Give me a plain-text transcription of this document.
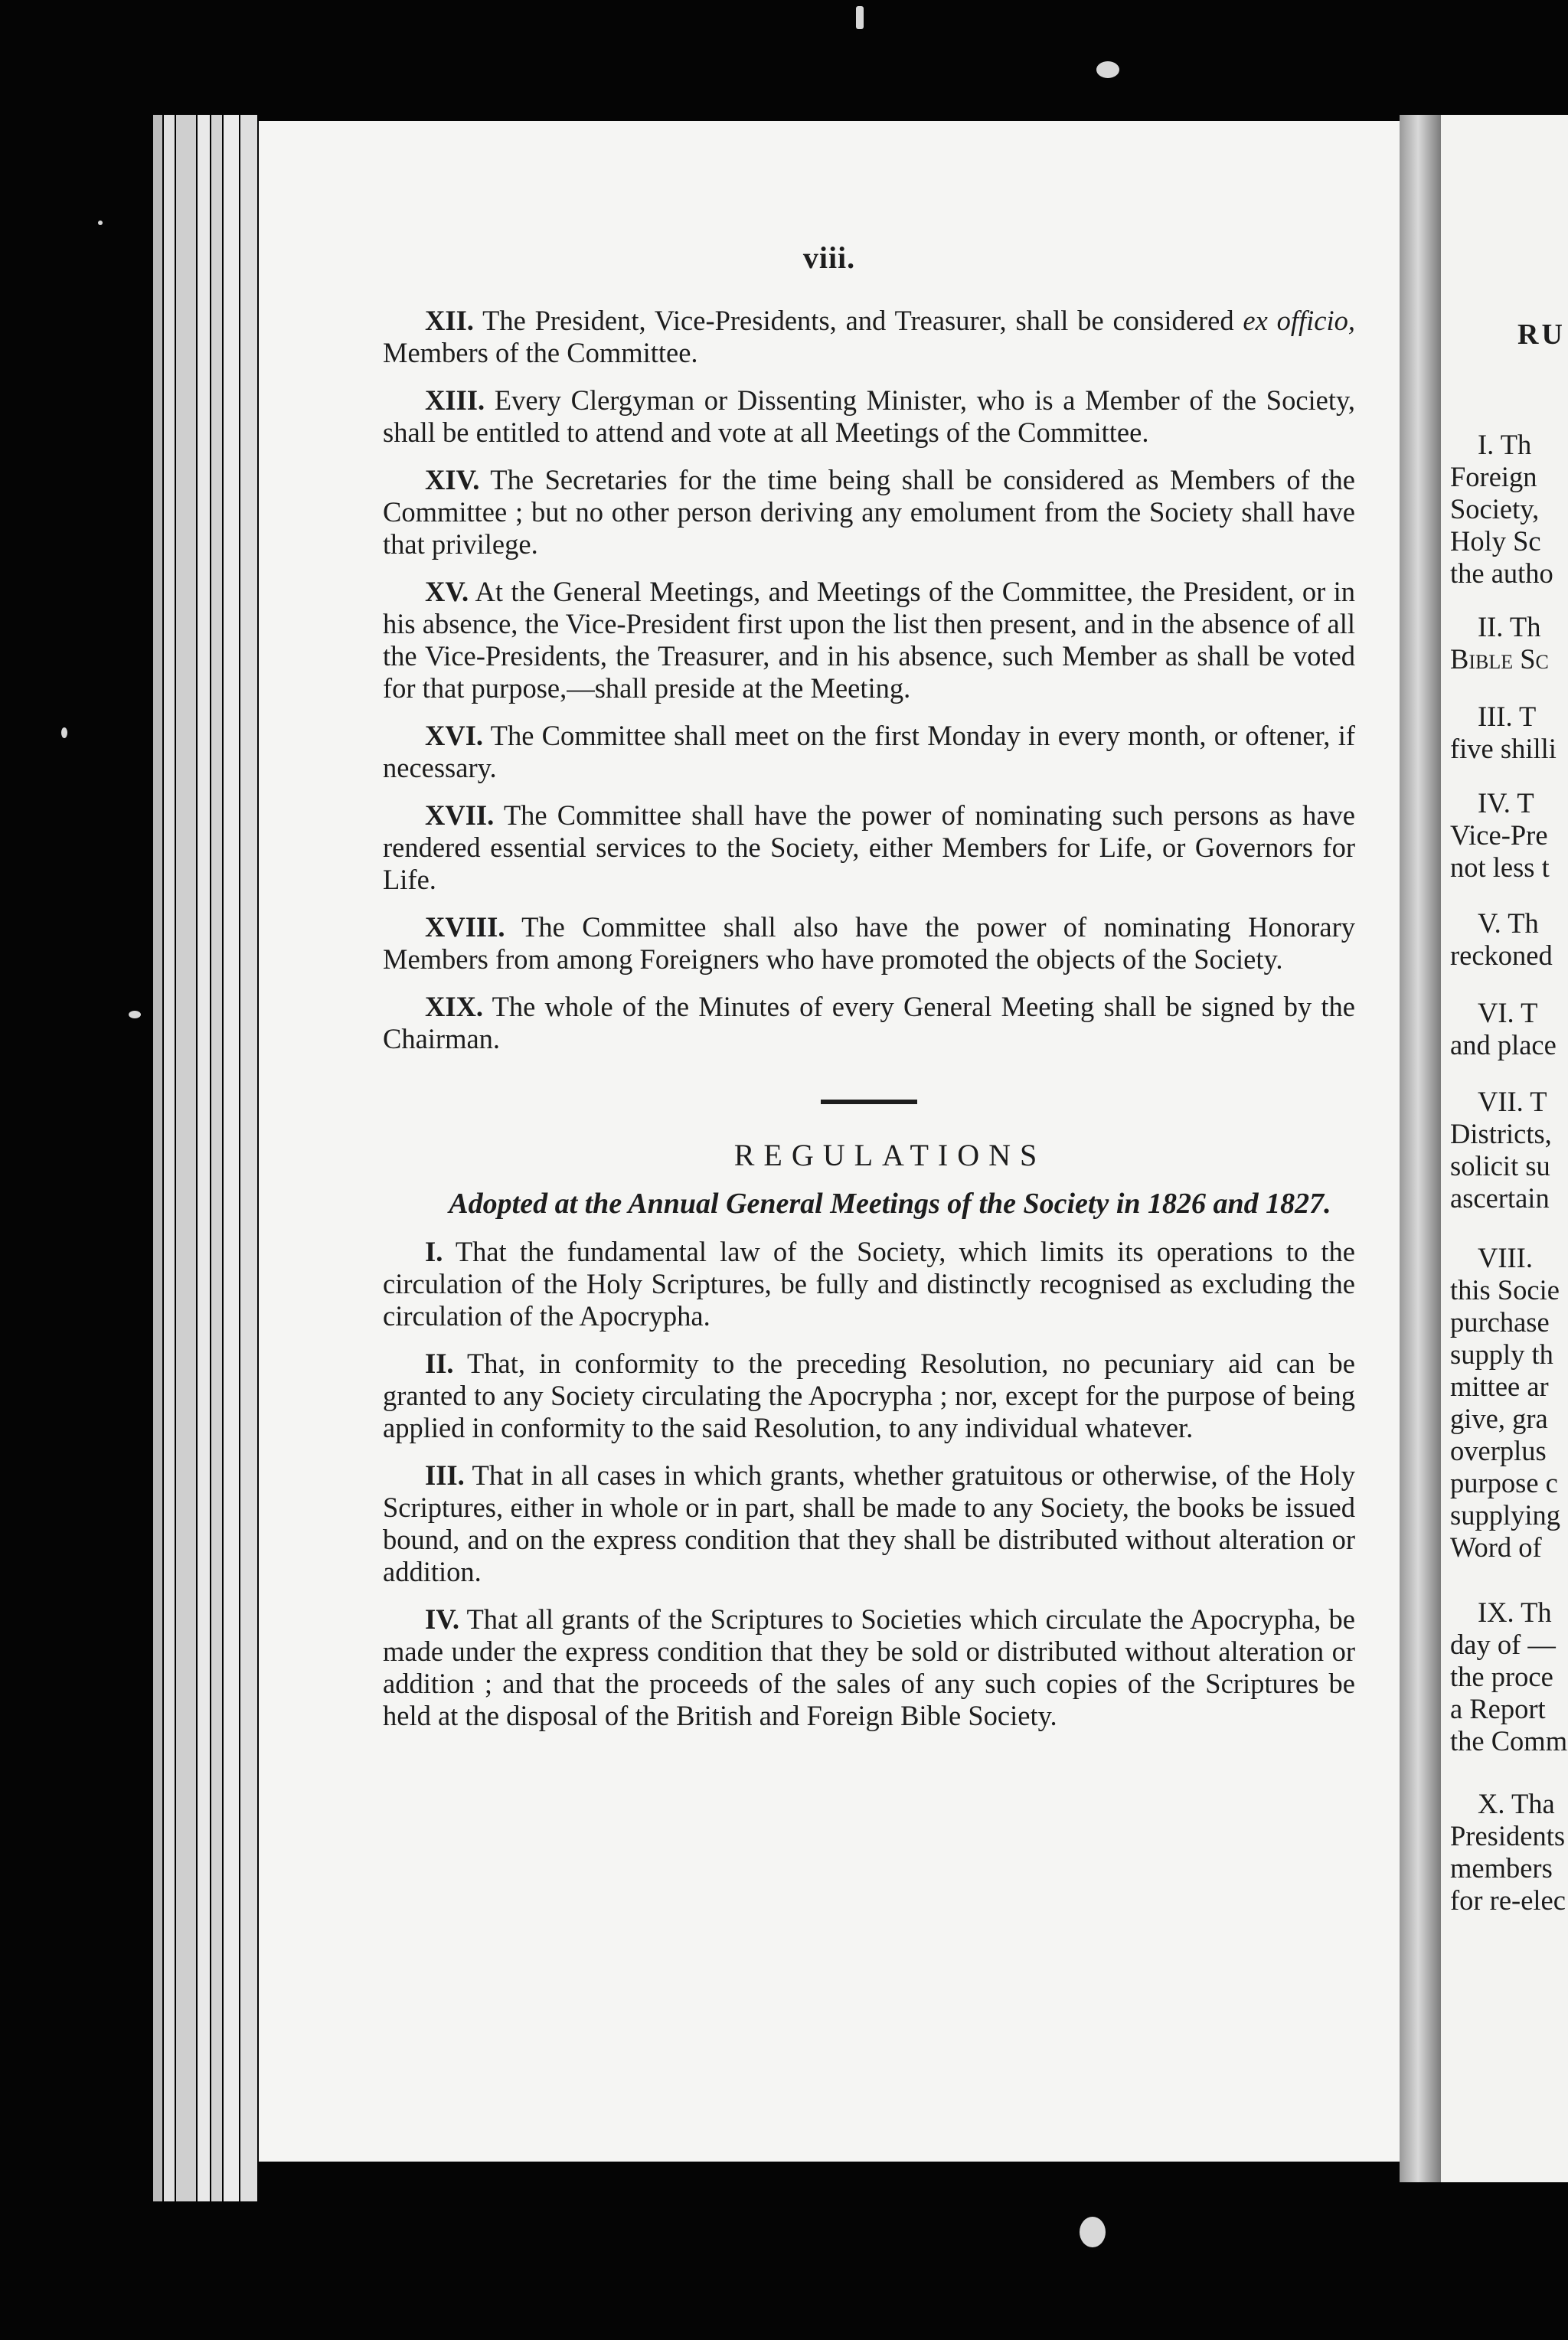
viii.

XII. The President, Vice-Presidents, and Treasurer, shall be considered ex officio, Members of the Committee.

XIII. Every Clergyman or Dissenting Minister, who is a Member of the Society, shall be entitled to attend and vote at all Meetings of the Committee.

XIV. The Secretaries for the time being shall be considered as Members of the Committee ; but no other person deriving any emolument from the Society shall have that privilege.

XV. At the General Meetings, and Meetings of the Committee, the President, or in his absence, the Vice-President first upon the list then present, and in the absence of all the Vice-Presidents, the Treasurer, and in his absence, such Member as shall be voted for that purpose,—shall preside at the Meeting.

XVI. The Committee shall meet on the first Monday in every month, or oftener, if necessary.

XVII. The Committee shall have the power of nominating such persons as have rendered essential services to the Society, either Members for Life, or Governors for Life.

XVIII. The Committee shall also have the power of nominating Honorary Members from among Foreigners who have promoted the objects of the Society.

XIX. The whole of the Minutes of every General Meeting shall be signed by the Chairman.

REGULATIONS

Adopted at the Annual General Meetings of the Society in 1826 and 1827.

I. That the fundamental law of the Society, which limits its operations to the circulation of the Holy Scriptures, be fully and distinctly recognised as excluding the circulation of the Apocrypha.

II. That, in conformity to the preceding Resolution, no pecuniary aid can be granted to any Society circulating the Apocrypha ; nor, except for the purpose of being applied in conformity to the said Resolution, to any individual whatever.

III. That in all cases in which grants, whether gratuitous or otherwise, of the Holy Scriptures, either in whole or in part, shall be made to any Society, the books be issued bound, and on the express condition that they shall be distributed without alteration or addition.

IV. That all grants of the Scriptures to Societies which circulate the Apocrypha, be made under the express condition that they be sold or distributed without alteration or addition ; and that the proceeds of the sales of any such copies of the Scriptures be held at the disposal of the British and Foreign Bible Society.

RU
I. Th
Foreign
Society,
Holy Sc
the autho
II. Th
Bible Sc
III. T
five shilli
IV. T
Vice-Pre
not less t
V. Th
reckoned
VI. T
and place
VII. T
Districts,
solicit su
ascertain
VIII.
this Socie
purchase
supply th
mittee ar
give, gra
overplus
purpose c
supplying
Word of
IX. Th
day of —
the proce
a Report
the Comm
X. Tha
Presidents
members
for re-elec
